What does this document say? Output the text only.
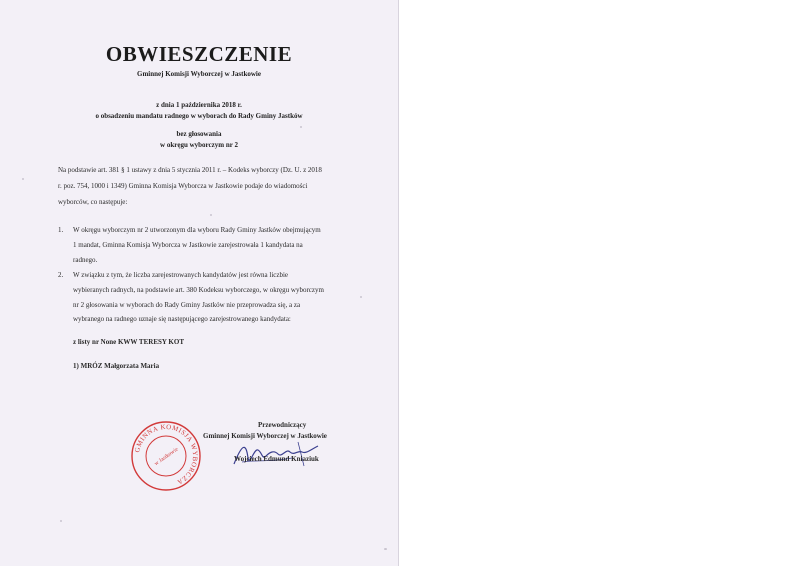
OBWIESZCZENIE
Gminnej Komisji Wyborczej w Jastkowie
z dnia 1 października 2018 r.
o obsadzeniu mandatu radnego w wyborach do Rady Gminy Jastków
bez głosowania
w okręgu wyborczym nr 2
Na podstawie art. 381 § 1 ustawy z dnia 5 stycznia 2011 r. – Kodeks wyborczy (Dz. U. z 2018
r. poz. 754, 1000 i 1349) Gminna Komisja Wyborcza w Jastkowie podaje do wiadomości
wyborców, co następuje:
1. W okręgu wyborczym nr 2 utworzonym dla wyboru Rady Gminy Jastków obejmującym
1 mandat, Gminna Komisja Wyborcza w Jastkowie zarejestrowała 1 kandydata na
radnego.
2. W związku z tym, że liczba zarejestrowanych kandydatów jest równa liczbie
wybieranych radnych, na podstawie art. 380 Kodeksu wyborczego, w okręgu wyborczym
nr 2 głosowania w wyborach do Rady Gminy Jastków nie przeprowadza się, a za
wybranego na radnego uznaje się następującego zarejestrowanego kandydata:
z listy nr None KWW TERESY KOT
1) MRÓZ Małgorzata Maria
GMINNA KOMISJA WYBORCZA
w Jastkowie
Przewodniczący
Gminnej Komisji Wyborczej w Jastkowie
Wojciech Edmund Kniaziuk
